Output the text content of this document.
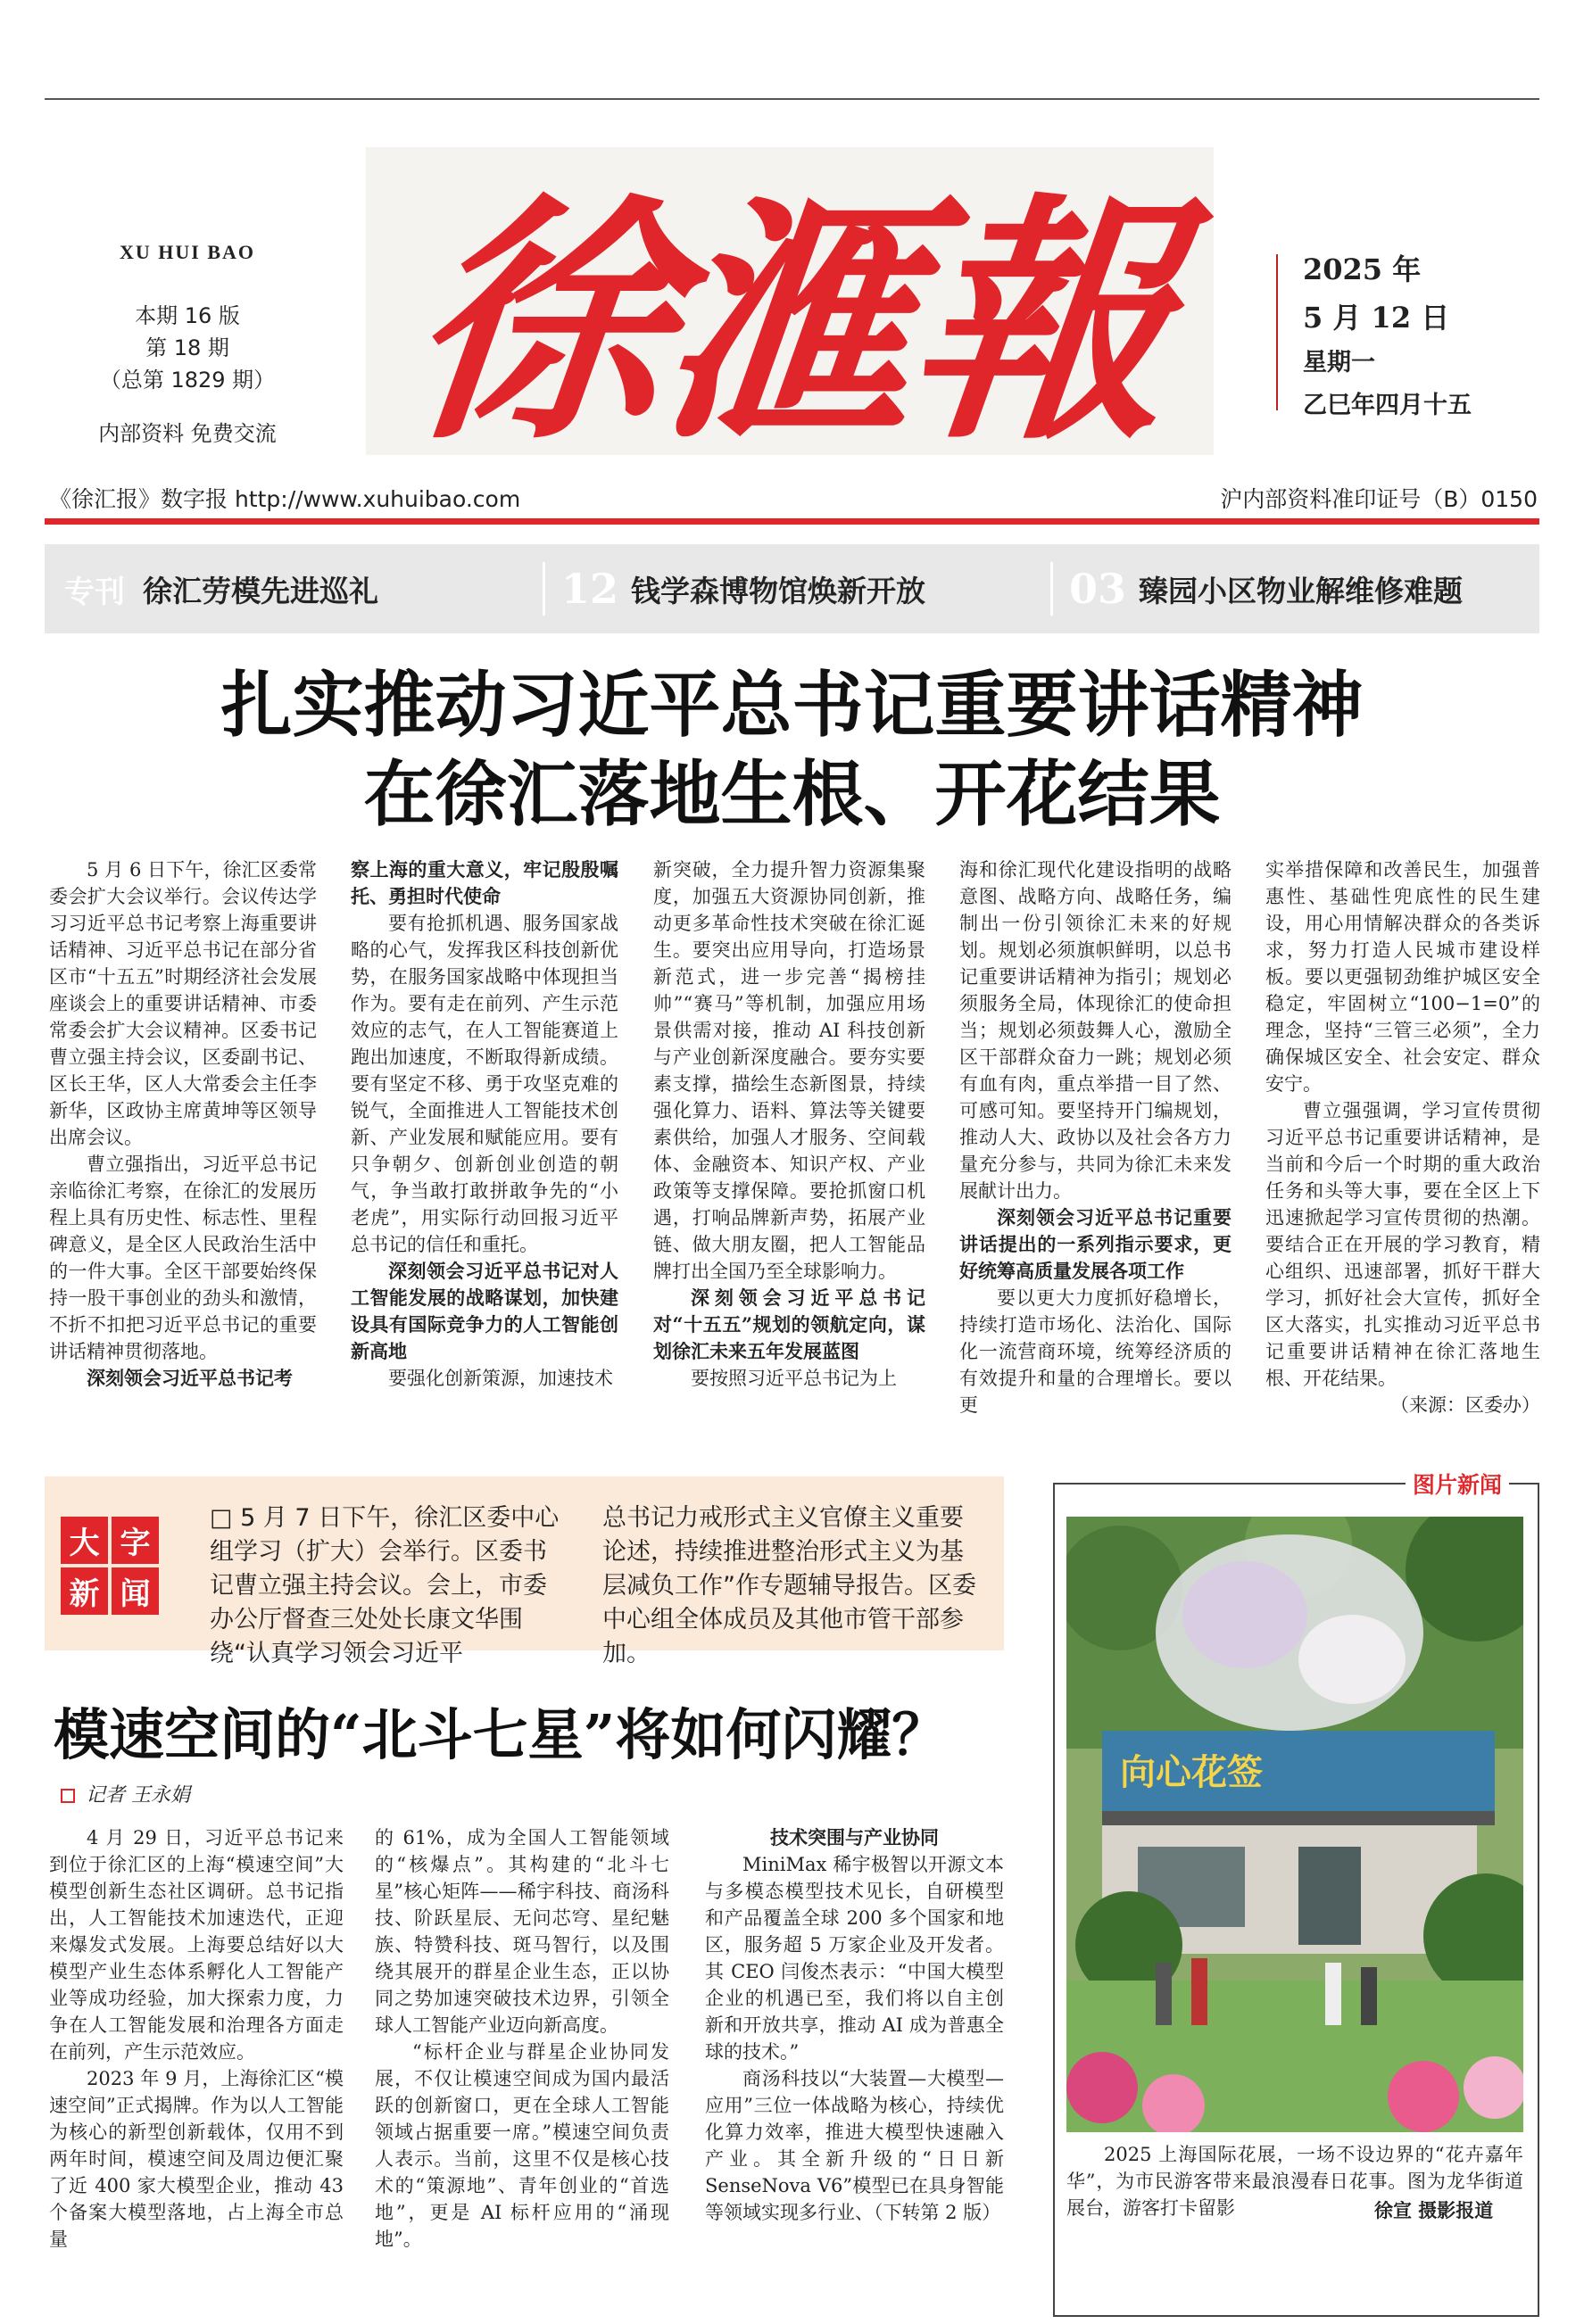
XU HUI BAO
本期 16 版
第 18 期
（总第 1829 期）
内部资料 免费交流 徐
滙
報	2025 年
5 月 12 日
星期一
乙巳年四月十五
《徐汇报》数字报 http://www.xuhuibao.com	沪内部资料准印证号（B）0150
专刊 徐汇劳模先进巡礼	12 钱学森博物馆焕新开放	03 臻园小区物业解维修难题
扎实推动习近平总书记重要讲话精神
在徐汇落地生根、开花结果

5 月 6 日下午，徐汇区委常委会扩大会议举行。会议传达学习习近平总书记考察上海重要讲话精神、习近平总书记在部分省区市“十五五”时期经济社会发展座谈会上的重要讲话精神、市委常委会扩大会议精神。区委书记曹立强主持会议，区委副书记、区长王华，区人大常委会主任李新华，区政协主席黄坤等区领导出席会议。

曹立强指出，习近平总书记亲临徐汇考察，在徐汇的发展历程上具有历史性、标志性、里程碑意义，是全区人民政治生活中的一件大事。全区干部要始终保持一股干事创业的劲头和激情，不折不扣把习近平总书记的重要讲话精神贯彻落地。

深刻领会习近平总书记考

察上海的重大意义，牢记殷殷嘱托、勇担时代使命

要有抢抓机遇、服务国家战略的心气，发挥我区科技创新优势，在服务国家战略中体现担当作为。要有走在前列、产生示范效应的志气，在人工智能赛道上跑出加速度，不断取得新成绩。要有坚定不移、勇于攻坚克难的锐气，全面推进人工智能技术创新、产业发展和赋能应用。要有只争朝夕、创新创业创造的朝气，争当敢打敢拼敢争先的“小老虎”，用实际行动回报习近平总书记的信任和重托。

深刻领会习近平总书记对人工智能发展的战略谋划，加快建设具有国际竞争力的人工智能创新高地

要强化创新策源，加速技术

新突破，全力提升智力资源集聚度，加强五大资源协同创新，推动更多革命性技术突破在徐汇诞生。要突出应用导向，打造场景新范式，进一步完善“揭榜挂帅”“赛马”等机制，加强应用场景供需对接，推动 AI 科技创新与产业创新深度融合。要夯实要素支撑，描绘生态新图景，持续强化算力、语料、算法等关键要素供给，加强人才服务、空间载体、金融资本、知识产权、产业政策等支撑保障。要抢抓窗口机遇，打响品牌新声势，拓展产业链、做大朋友圈，把人工智能品牌打出全国乃至全球影响力。

深刻领会习近平总书记对“十五五”规划的领航定向，谋划徐汇未来五年发展蓝图

要按照习近平总书记为上

海和徐汇现代化建设指明的战略意图、战略方向、战略任务，编制出一份引领徐汇未来的好规划。规划必须旗帜鲜明，以总书记重要讲话精神为指引；规划必须服务全局，体现徐汇的使命担当；规划必须鼓舞人心，激励全区干部群众奋力一跳；规划必须有血有肉，重点举措一目了然、可感可知。要坚持开门编规划，推动人大、政协以及社会各方力量充分参与，共同为徐汇未来发展献计出力。

深刻领会习近平总书记重要讲话提出的一系列指示要求，更好统筹高质量发展各项工作

要以更大力度抓好稳增长，持续打造市场化、法治化、国际化一流营商环境，统筹经济质的有效提升和量的合理增长。要以更

实举措保障和改善民生，加强普惠性、基础性兜底性的民生建设，用心用情解决群众的各类诉求，努力打造人民城市建设样板。要以更强韧劲维护城区安全稳定，牢固树立“100−1=0”的理念，坚持“三管三必须”，全力确保城区安全、社会安定、群众安宁。

曹立强强调，学习宣传贯彻习近平总书记重要讲话精神，是当前和今后一个时期的重大政治任务和头等大事，要在全区上下迅速掀起学习宣传贯彻的热潮。要结合正在开展的学习教育，精心组织、迅速部署，抓好干群大学习，抓好社会大宣传，抓好全区大落实，扎实推动习近平总书记重要讲话精神在徐汇落地生根、开花结果。

（来源：区委办）

大 字
新 闻
□ 5 月 7 日下午，徐汇区委中心组学习（扩大）会举行。区委书记曹立强主持会议。会上，市委办公厅督查三处处长康文华围绕“认真学习领会习近平
总书记力戒形式主义官僚主义重要论述，持续推进整治形式主义为基层减负工作”作专题辅导报告。区委中心组全体成员及其他市管干部参加。
模速空间的“北斗七星”将如何闪耀？
记者 王永娟

4 月 29 日，习近平总书记来到位于徐汇区的上海“模速空间”大模型创新生态社区调研。总书记指出，人工智能技术加速迭代，正迎来爆发式发展。上海要总结好以大模型产业生态体系孵化人工智能产业等成功经验，加大探索力度，力争在人工智能发展和治理各方面走在前列，产生示范效应。

2023 年 9 月，上海徐汇区“模速空间”正式揭牌。作为以人工智能为核心的新型创新载体，仅用不到两年时间，模速空间及周边便汇聚了近 400 家大模型企业，推动 43 个备案大模型落地，占上海全市总量

的 61%，成为全国人工智能领域的“核爆点”。其构建的“北斗七星”核心矩阵——稀宇科技、商汤科技、阶跃星辰、无问芯穹、星纪魅族、特赞科技、斑马智行，以及围绕其展开的群星企业生态，正以协同之势加速突破技术边界，引领全球人工智能产业迈向新高度。

“标杆企业与群星企业协同发展，不仅让模速空间成为国内最活跃的创新窗口，更在全球人工智能领域占据重要一席。”模速空间负责人表示。当前，这里不仅是核心技术的“策源地”、青年创业的“首选地”，更是 AI 标杆应用的“涌现地”。

技术突围与产业协同

MiniMax 稀宇极智以开源文本与多模态模型技术见长，自研模型和产品覆盖全球 200 多个国家和地区，服务超 5 万家企业及开发者。其 CEO 闫俊杰表示：“中国大模型企业的机遇已至，我们将以自主创新和开放共享，推动 AI 成为普惠全球的技术。”

商汤科技以“大装置—大模型—应用”三位一体战略为核心，持续优化算力效率，推进大模型快速融入产业。其全新升级的“日日新 SenseNova V6”模型已在具身智能等领域实现多行业、（下转第 2 版）

图片新闻
向心花签
2025 上海国际花展，一场不设边界的“花卉嘉年华”，为市民游客带来最浪漫春日花事。图为龙华街道展台，游客打卡留影	徐宣 摄影报道
